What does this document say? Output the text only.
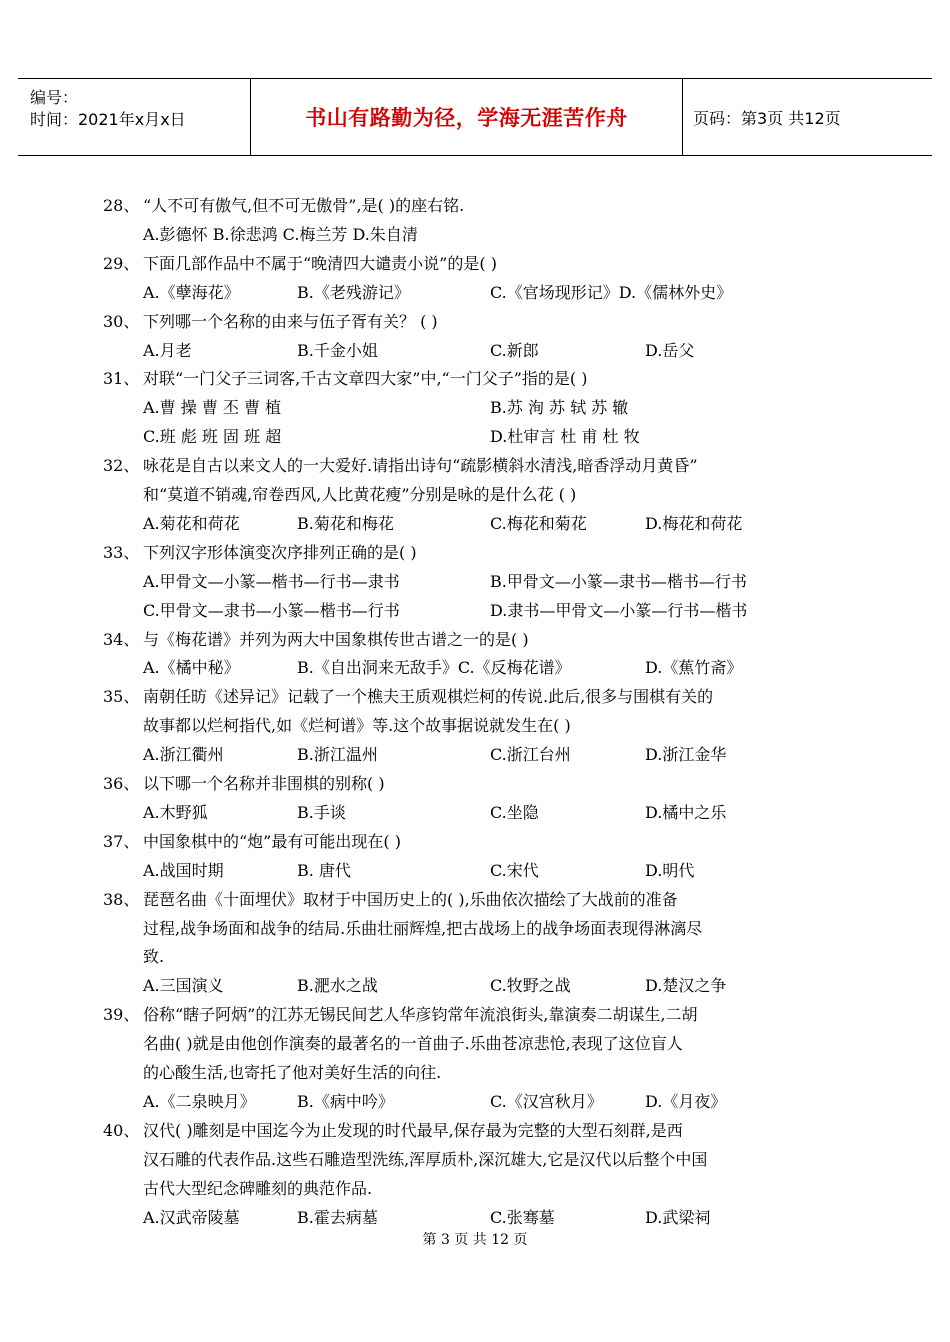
编号：
时间：2021年x月x日	书山有路勤为径，学海无涯苦作舟	页码：第3页 共12页
28、 “人不可有傲气,但不可无傲骨”,是( )的座右铭.
A.彭德怀 B.徐悲鸿 C.梅兰芳 D.朱自清
29、 下面几部作品中不属于“晚清四大谴责小说”的是( )
A.《孽海花》	B.《老残游记》	C.《官场现形记》D.《儒林外史》
30、 下列哪一个名称的由来与伍子胥有关？ ( )
A.月老	B.千金小姐	C.新郎	D.岳父
31、 对联“一门父子三词客,千古文章四大家”中,“一门父子”指的是( )
A.曹 操 曹 丕 曹 植	B.苏 洵 苏 轼 苏 辙
C.班 彪 班 固 班 超	D.杜审言 杜 甫 杜 牧
32、 咏花是自古以来文人的一大爱好.请指出诗句“疏影横斜水清浅,暗香浮动月黄昏”
和“莫道不销魂,帘卷西风,人比黄花瘦”分别是咏的是什么花 ( )
A.菊花和荷花	B.菊花和梅花	C.梅花和菊花	D.梅花和荷花
33、 下列汉字形体演变次序排列正确的是( )
A.甲骨文—小篆—楷书—行书—隶书	B.甲骨文—小篆—隶书—楷书—行书
C.甲骨文—隶书—小篆—楷书—行书	D.隶书—甲骨文—小篆—行书—楷书
34、 与《梅花谱》并列为两大中国象棋传世古谱之一的是( )
A.《橘中秘》	B.《自出洞来无敌手》C.《反梅花谱》	D.《蕉竹斋》
35、 南朝任昉《述异记》记载了一个樵夫王质观棋烂柯的传说.此后,很多与围棋有关的
故事都以烂柯指代,如《烂柯谱》等.这个故事据说就发生在( )
A.浙江衢州	B.浙江温州	C.浙江台州	D.浙江金华
36、 以下哪一个名称并非围棋的别称( )
A.木野狐	B.手谈	C.坐隐	D.橘中之乐
37、 中国象棋中的“炮”最有可能出现在( )
A.战国时期	B. 唐代	C.宋代	D.明代
38、 琵琶名曲《十面埋伏》取材于中国历史上的( ),乐曲依次描绘了大战前的准备
过程,战争场面和战争的结局.乐曲壮丽辉煌,把古战场上的战争场面表现得淋漓尽
致.
A.三国演义	B.淝水之战	C.牧野之战	D.楚汉之争
39、 俗称“瞎子阿炳”的江苏无锡民间艺人华彦钧常年流浪街头,靠演奏二胡谋生,二胡
名曲( )就是由他创作演奏的最著名的一首曲子.乐曲苍凉悲怆,表现了这位盲人
的心酸生活,也寄托了他对美好生活的向往.
A.《二泉映月》	B.《病中吟》	C.《汉宫秋月》	D.《月夜》
40、 汉代( )雕刻是中国迄今为止发现的时代最早,保存最为完整的大型石刻群,是西
汉石雕的代表作品.这些石雕造型洗练,浑厚质朴,深沉雄大,它是汉代以后整个中国
古代大型纪念碑雕刻的典范作品.
A.汉武帝陵墓	B.霍去病墓	C.张骞墓	D.武梁祠
第 3 页 共 12 页
